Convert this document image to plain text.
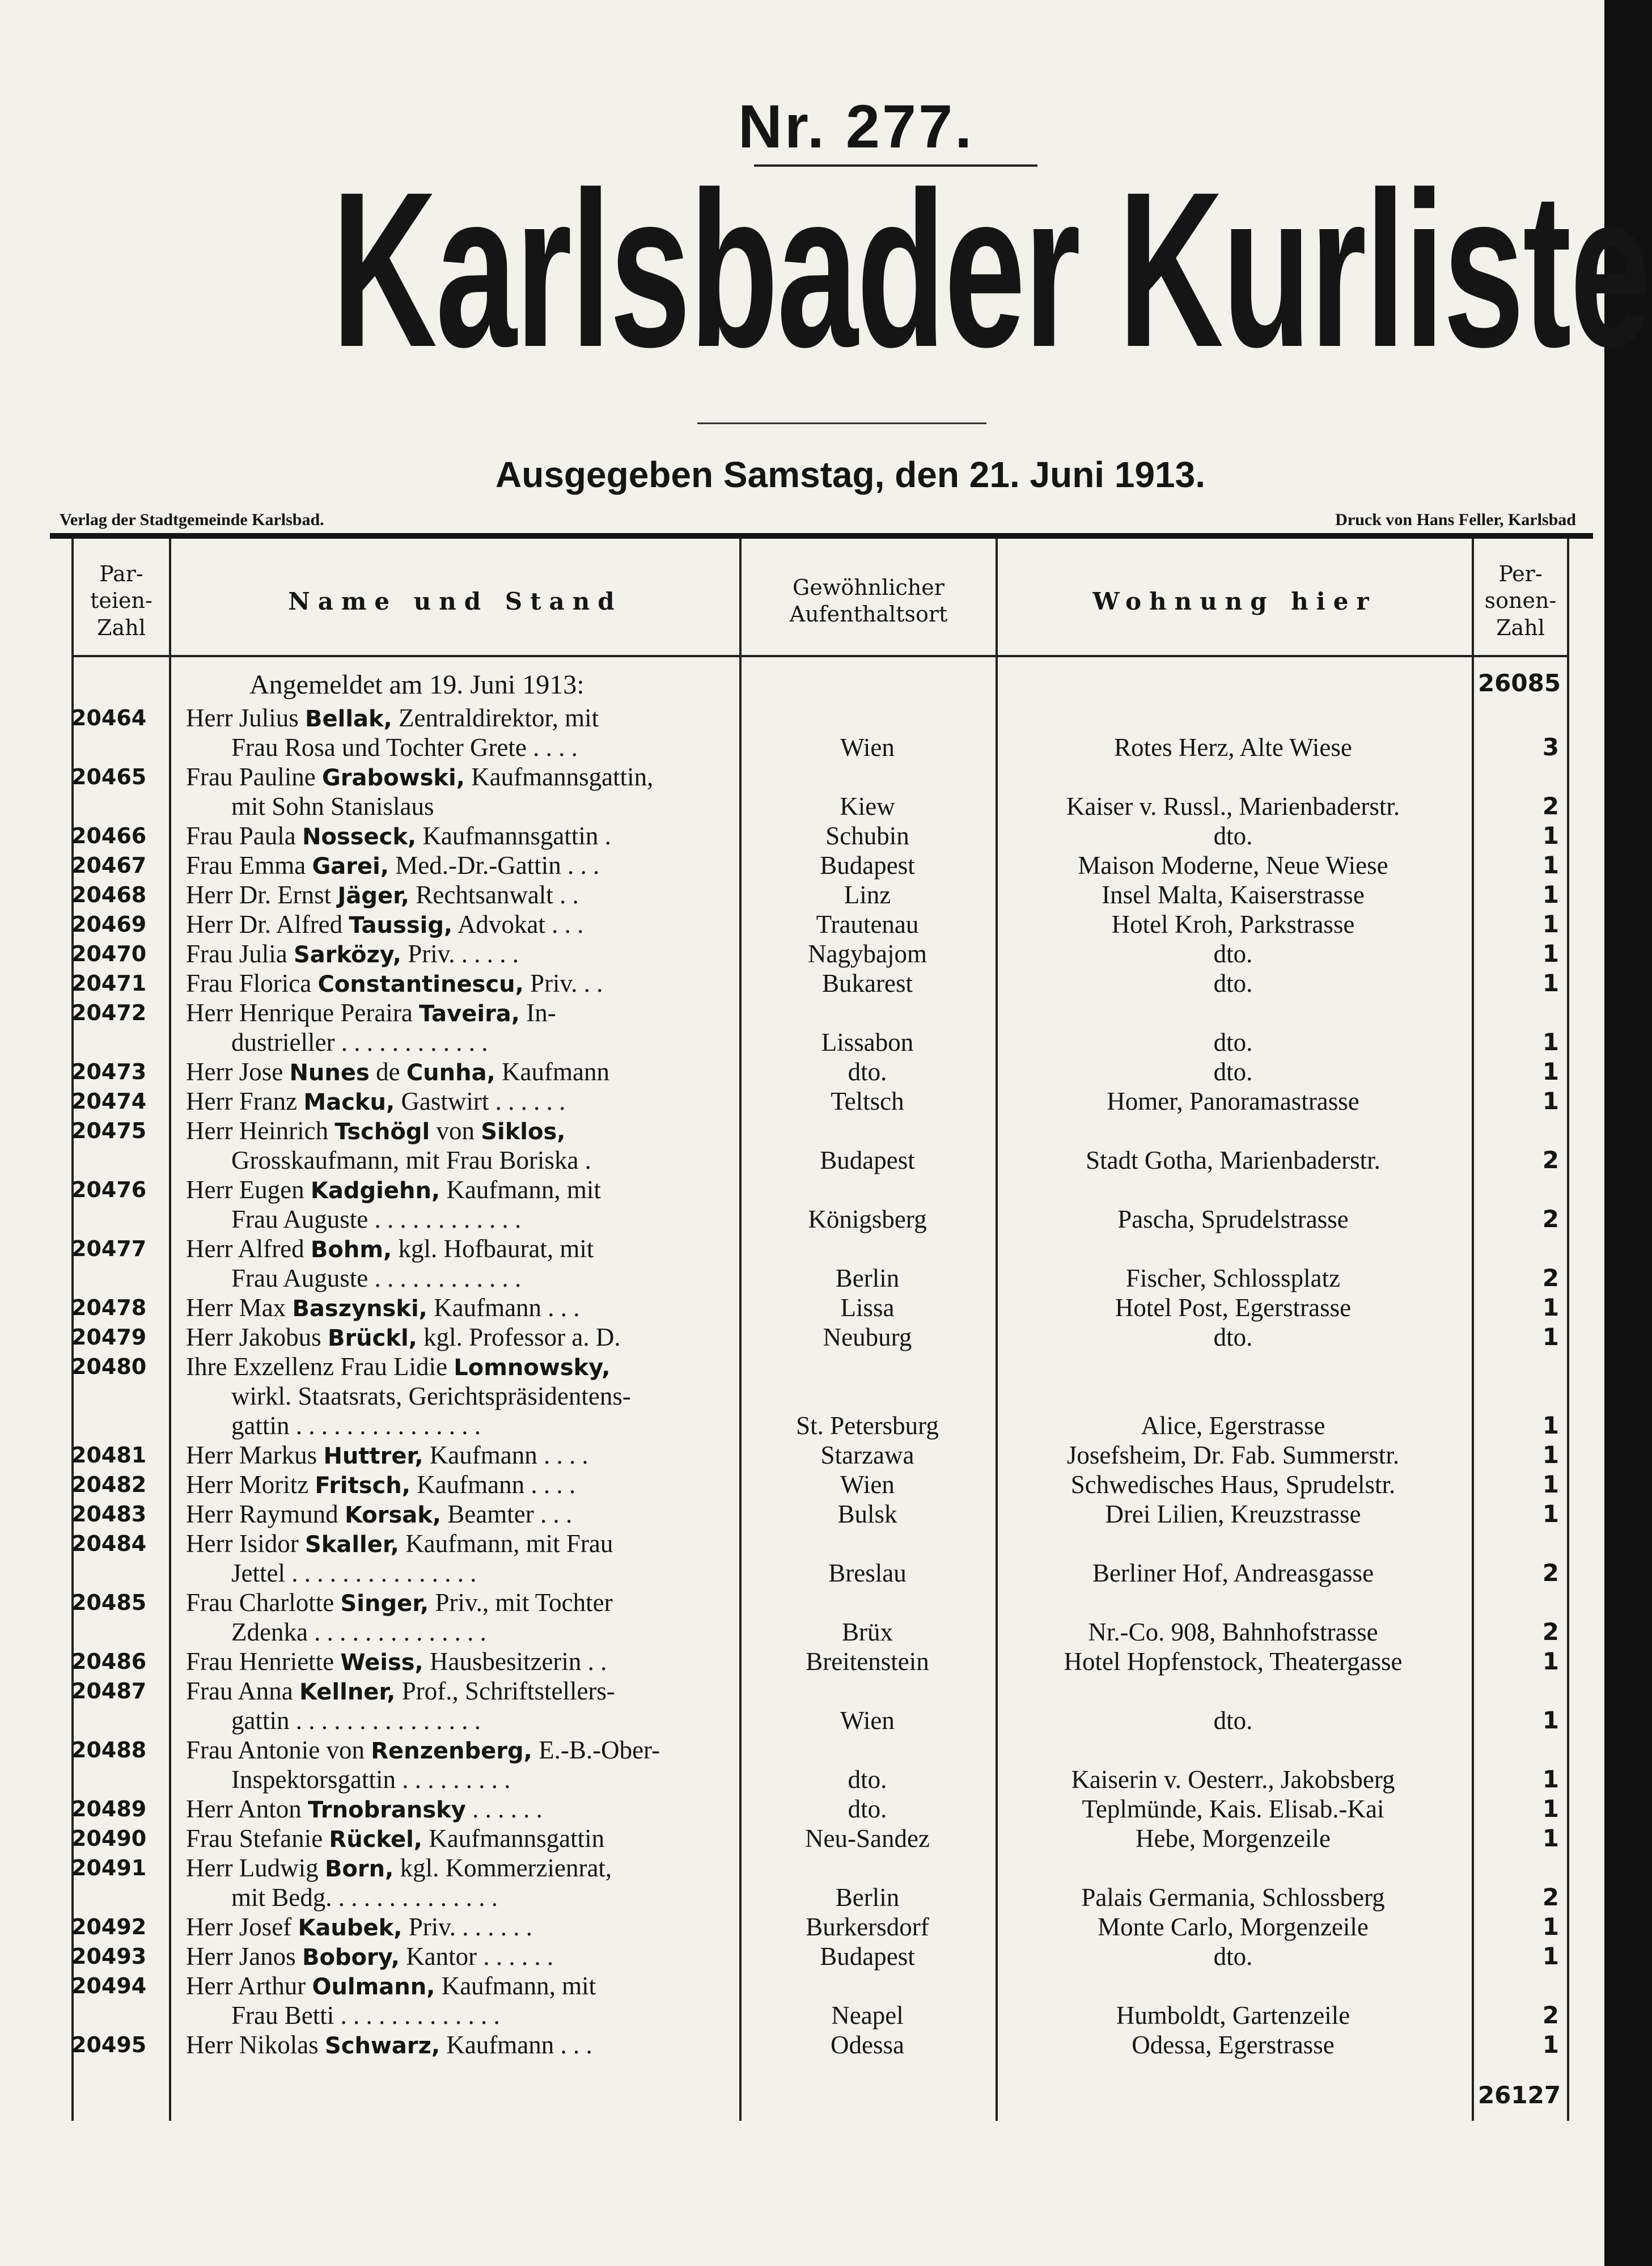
Nr. 277.
Karlsbader Kurliste
Ausgegeben Samstag, den 21. Juni 1913.
Verlag der Stadtgemeinde Karlsbad.	Druck von Hans Feller, Karlsbad
Par-
teien-
Zahl
Name und Stand	Gewöhnlicher
Aufenthaltsort	Wohnung hier
Per-
sonen-
Zahl
Angemeldet am 19. Juni 1913:	26085
20464	Herr Julius Bellak, Zentraldirektor, mit
Frau Rosa und Tochter Grete . . . .	Wien	Rotes Herz, Alte Wiese	3
20465	Frau Pauline Grabowski, Kaufmannsgattin,
mit Sohn Stanislaus	Kiew	Kaiser v. Russl., Marienbaderstr.	2
20466	Frau Paula Nosseck, Kaufmannsgattin .	Schubin	dto.	1
20467	Frau Emma Garei, Med.-Dr.-Gattin . . .	Budapest	Maison Moderne, Neue Wiese	1
20468	Herr Dr. Ernst Jäger, Rechtsanwalt . .	Linz	Insel Malta, Kaiserstrasse	1
20469	Herr Dr. Alfred Taussig, Advokat . . .	Trautenau	Hotel Kroh, Parkstrasse	1
20470	Frau Julia Sarközy, Priv. . . . . .	Nagybajom	dto.	1
20471	Frau Florica Constantinescu, Priv. . .	Bukarest	dto.	1
20472	Herr Henrique Peraira Taveira, In-
dustrieller . . . . . . . . . . . .	Lissabon	dto.	1
20473	Herr Jose Nunes de Cunha, Kaufmann	dto.	dto.	1
20474	Herr Franz Macku, Gastwirt . . . . . .	Teltsch	Homer, Panoramastrasse	1
20475	Herr Heinrich Tschögl von Siklos,
Grosskaufmann, mit Frau Boriska .	Budapest	Stadt Gotha, Marienbaderstr.	2
20476	Herr Eugen Kadgiehn, Kaufmann, mit
Frau Auguste . . . . . . . . . . . .	Königsberg	Pascha, Sprudelstrasse	2
20477	Herr Alfred Bohm, kgl. Hofbaurat, mit
Frau Auguste . . . . . . . . . . . .	Berlin	Fischer, Schlossplatz	2
20478	Herr Max Baszynski, Kaufmann . . .	Lissa	Hotel Post, Egerstrasse	1
20479	Herr Jakobus Brückl, kgl. Professor a. D.	Neuburg	dto.	1
20480	Ihre Exzellenz Frau Lidie Lomnowsky,
wirkl. Staatsrats, Gerichtspräsidentens-
gattin . . . . . . . . . . . . . . .	St. Petersburg	Alice, Egerstrasse	1
20481	Herr Markus Huttrer, Kaufmann . . . .	Starzawa	Josefsheim, Dr. Fab. Summerstr.	1
20482	Herr Moritz Fritsch, Kaufmann . . . .	Wien	Schwedisches Haus, Sprudelstr.	1
20483	Herr Raymund Korsak, Beamter . . .	Bulsk	Drei Lilien, Kreuzstrasse	1
20484	Herr Isidor Skaller, Kaufmann, mit Frau
Jettel . . . . . . . . . . . . . . .	Breslau	Berliner Hof, Andreasgasse	2
20485	Frau Charlotte Singer, Priv., mit Tochter
Zdenka . . . . . . . . . . . . . .	Brüx	Nr.-Co. 908, Bahnhofstrasse	2
20486	Frau Henriette Weiss, Hausbesitzerin . .	Breitenstein	Hotel Hopfenstock, Theatergasse	1
20487	Frau Anna Kellner, Prof., Schriftstellers-
gattin . . . . . . . . . . . . . . .	Wien	dto.	1
20488	Frau Antonie von Renzenberg, E.-B.-Ober-
Inspektorsgattin . . . . . . . . .	dto.	Kaiserin v. Oesterr., Jakobsberg	1
20489	Herr Anton Trnobransky . . . . . .	dto.	Teplmünde, Kais. Elisab.-Kai	1
20490	Frau Stefanie Rückel, Kaufmannsgattin	Neu-Sandez	Hebe, Morgenzeile	1
20491	Herr Ludwig Born, kgl. Kommerzienrat,
mit Bedg. . . . . . . . . . . . . .	Berlin	Palais Germania, Schlossberg	2
20492	Herr Josef Kaubek, Priv. . . . . . .	Burkersdorf	Monte Carlo, Morgenzeile	1
20493	Herr Janos Bobory, Kantor . . . . . .	Budapest	dto.	1
20494	Herr Arthur Oulmann, Kaufmann, mit
Frau Betti . . . . . . . . . . . . .	Neapel	Humboldt, Gartenzeile	2
20495	Herr Nikolas Schwarz, Kaufmann . . .	Odessa	Odessa, Egerstrasse	1
26127
